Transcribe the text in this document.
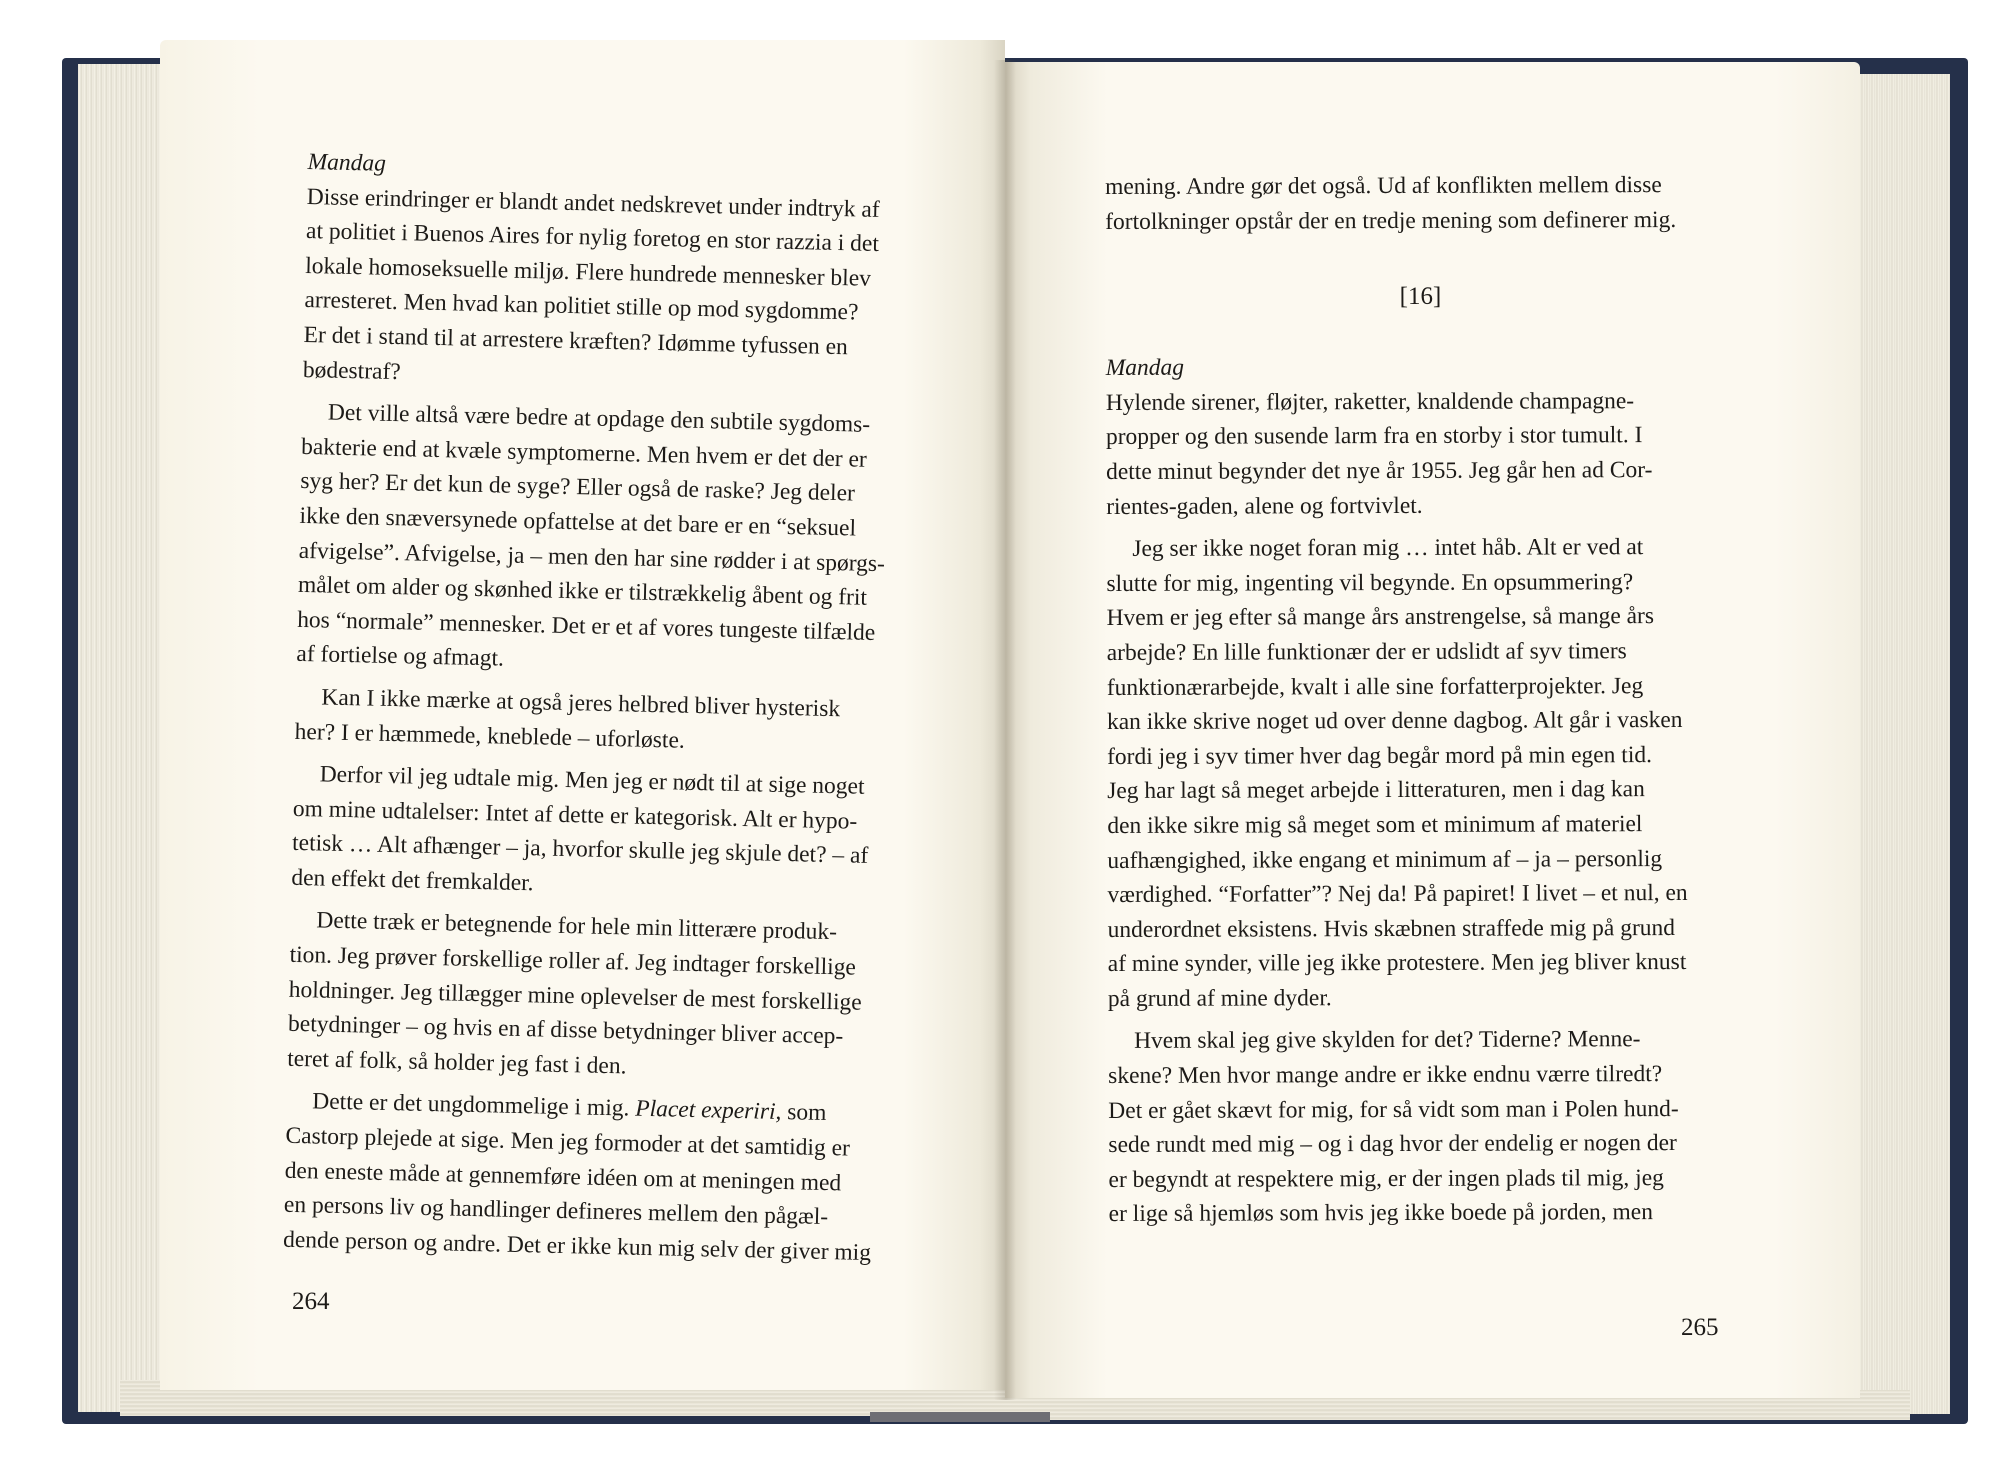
Mandag
Disse erindringer er blandt andet nedskrevet under indtryk af
at politiet i Buenos Aires for nylig foretog en stor razzia i det
lokale homoseksuelle miljø. Flere hundrede mennesker blev
arresteret. Men hvad kan politiet stille op mod sygdomme?
Er det i stand til at arrestere kræften? Idømme tyfussen en
bødestraf?
Det ville altså være bedre at opdage den subtile sygdoms-
bakterie end at kvæle symptomerne. Men hvem er det der er
syg her? Er det kun de syge? Eller også de raske? Jeg deler
ikke den snæversynede opfattelse at det bare er en “seksuel
afvigelse”. Afvigelse, ja – men den har sine rødder i at spørgs-
målet om alder og skønhed ikke er tilstrækkelig åbent og frit
hos “normale” mennesker. Det er et af vores tungeste tilfælde
af fortielse og afmagt.
Kan I ikke mærke at også jeres helbred bliver hysterisk
her? I er hæmmede, kneblede – uforløste.
Derfor vil jeg udtale mig. Men jeg er nødt til at sige noget
om mine udtalelser: Intet af dette er kategorisk. Alt er hypo-
tetisk … Alt afhænger – ja, hvorfor skulle jeg skjule det? – af
den effekt det fremkalder.
Dette træk er betegnende for hele min litterære produk-
tion. Jeg prøver forskellige roller af. Jeg indtager forskellige
holdninger. Jeg tillægger mine oplevelser de mest forskellige
betydninger – og hvis en af disse betydninger bliver accep-
teret af folk, så holder jeg fast i den.
Dette er det ungdommelige i mig. Placet experiri, som
Castorp plejede at sige. Men jeg formoder at det samtidig er
den eneste måde at gennemføre idéen om at meningen med
en persons liv og handlinger defineres mellem den pågæl-
dende person og andre. Det er ikke kun mig selv der giver mig
264
mening. Andre gør det også. Ud af konflikten mellem disse
fortolkninger opstår der en tredje mening som definerer mig.
[16]
Mandag
Hylende sirener, fløjter, raketter, knaldende champagne-
propper og den susende larm fra en storby i stor tumult. I
dette minut begynder det nye år 1955. Jeg går hen ad Cor-
rientes-gaden, alene og fortvivlet.
Jeg ser ikke noget foran mig … intet håb. Alt er ved at
slutte for mig, ingenting vil begynde. En opsummering?
Hvem er jeg efter så mange års anstrengelse, så mange års
arbejde? En lille funktionær der er udslidt af syv timers
funktionærarbejde, kvalt i alle sine forfatterprojekter. Jeg
kan ikke skrive noget ud over denne dagbog. Alt går i vasken
fordi jeg i syv timer hver dag begår mord på min egen tid.
Jeg har lagt så meget arbejde i litteraturen, men i dag kan
den ikke sikre mig så meget som et minimum af materiel
uafhængighed, ikke engang et minimum af – ja – personlig
værdighed. “Forfatter”? Nej da! På papiret! I livet – et nul, en
underordnet eksistens. Hvis skæbnen straffede mig på grund
af mine synder, ville jeg ikke protestere. Men jeg bliver knust
på grund af mine dyder.
Hvem skal jeg give skylden for det? Tiderne? Menne-
skene? Men hvor mange andre er ikke endnu værre tilredt?
Det er gået skævt for mig, for så vidt som man i Polen hund-
sede rundt med mig – og i dag hvor der endelig er nogen der
er begyndt at respektere mig, er der ingen plads til mig, jeg
er lige så hjemløs som hvis jeg ikke boede på jorden, men
265
